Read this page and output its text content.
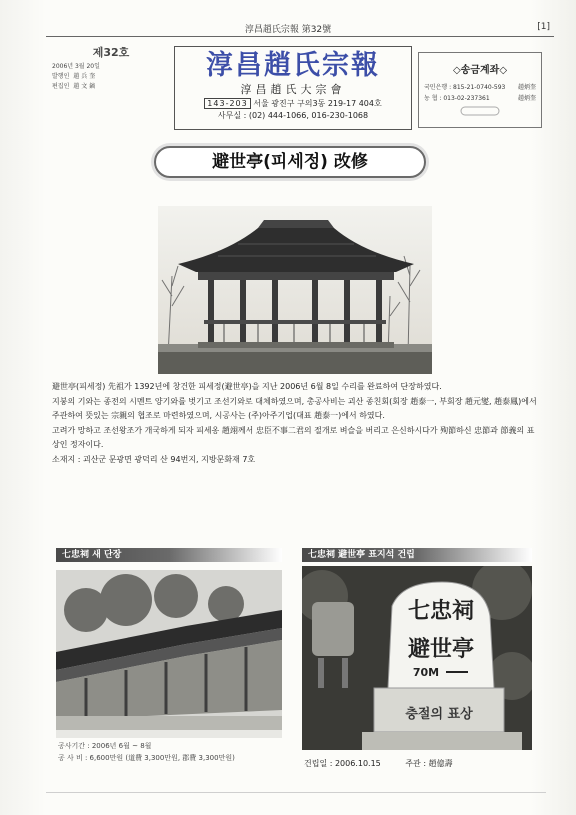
淳昌趙氏宗報 第32號	[1]
제32호
2006년 3월 20일
발행인 趙 兵 奎
편집인 趙 文 鎬
淳昌趙氏宗報
淳昌趙氏大宗會
143-203 서울 광진구 구의3동 219-17 404호
사무실 : (02) 444-1066, 016-230-1068
◇송금계좌◇
국민은행 : 815-21-0740-593 趙炳奎
농 협 : 013-02-237361	趙炳奎
避世亭(피세정) 改修

避世亭(피세정) 先祖가 1392년에 창건한 피세정(避世亭)을 지난 2006년 6월 8일 수리를 완료하여 단장하였다.

지붕의 기와는 종전의 시멘트 양기와를 벗기고 조선기와로 대체하였으며, 총공사비는 괴산 종친회(회장 趙泰一, 부회장 趙元燮, 趙泰鳳)에서 주관하여 뜻있는 宗親의 협조로 마련하였으며, 시공사는 (주)아주기업(대표 趙泰一)에서 하였다.

고려가 망하고 조선왕조가 개국하게 되자 피세옹 趙翊께서 忠臣不事二君의 절개로 벼슬을 버리고 은신하시다가 殉節하신 忠節과 節義의 표상인 정자이다.

소재지 : 괴산군 문광면 광덕리 산 94번지, 지방문화재 7호

七忠祠 새 단장	七忠祠 避世亭 표지석 건립
七忠祠
避世亭
70M
충절의 표상
공사기간 : 2006년 6월 ~ 8월
공 사 비 : 6,600만원 (道費 3,300만원, 郡費 3,300만원)
건립일 : 2006.10.15	주관 : 趙億壽
